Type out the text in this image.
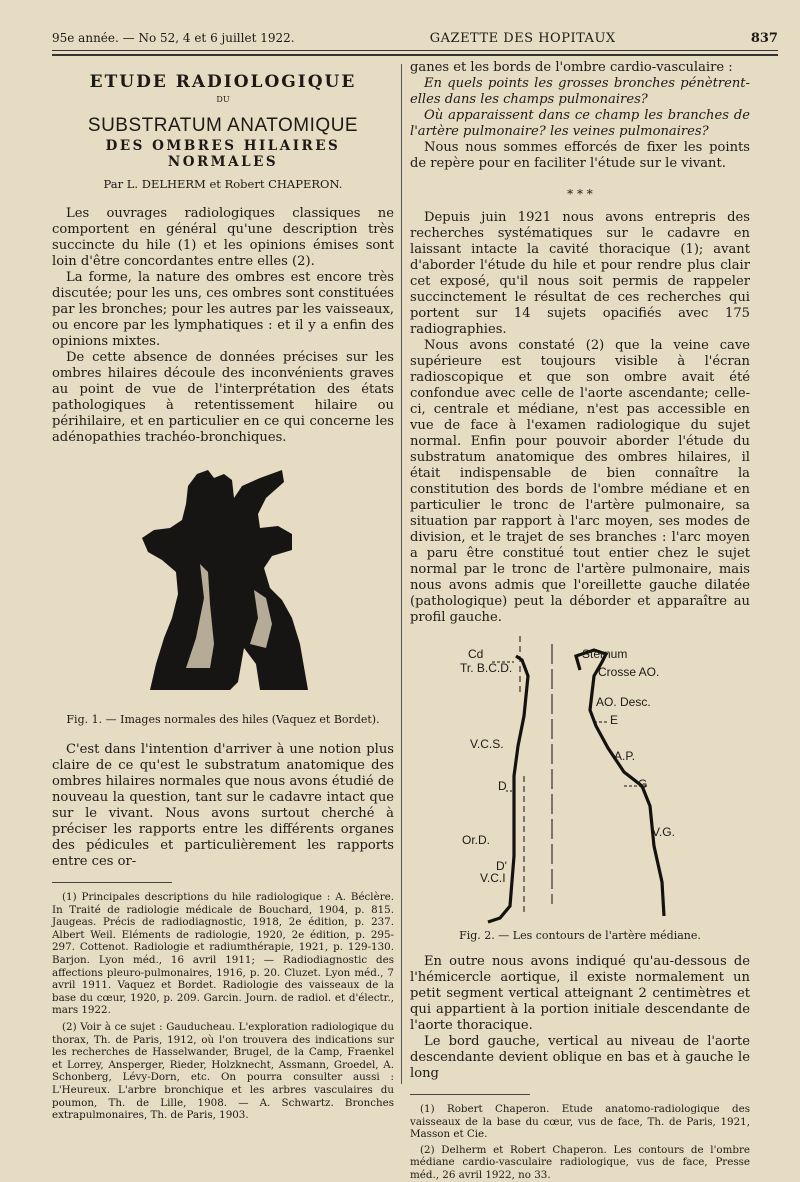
95e année. — No 52, 4 et 6 juillet 1922.	GAZETTE DES HOPITAUX	837
ETUDE RADIOLOGIQUE
DU
SUBSTRATUM ANATOMIQUE
DES OMBRES HILAIRES NORMALES
Par L. DELHERM et Robert CHAPERON.

Les ouvrages radiologiques classiques ne comportent en général qu'une description très succincte du hile (1) et les opinions émises sont loin d'être concordantes entre elles (2).

La forme, la nature des ombres est encore très discutée; pour les uns, ces ombres sont constituées par les bronches; pour les autres par les vaisseaux, ou encore par les lymphatiques : et il y a enfin des opinions mixtes.

De cette absence de données précises sur les ombres hilaires découle des inconvénients graves au point de vue de l'interprétation des états pathologiques à retentissement hilaire ou périhilaire, et en particulier en ce qui concerne les adénopathies trachéo-bronchiques.

Fig. 1. — Images normales des hiles (Vaquez et Bordet).

C'est dans l'intention d'arriver à une notion plus claire de ce qu'est le substratum anatomique des ombres hilaires normales que nous avons étudié de nouveau la question, tant sur le cadavre intact que sur le vivant. Nous avons surtout cherché à préciser les rapports entre les différents organes des pédicules et particulièrement les rapports entre ces or-

(1) Principales descriptions du hile radiologique : A. Béclère. In Traité de radiologie médicale de Bouchard, 1904, p. 815. Jaugeas. Précis de radiodiagnostic, 1918, 2e édition, p. 237. Albert Weil. Eléments de radiologie, 1920, 2e édition, p. 295-297. Cottenot. Radiologie et radiumthérapie, 1921, p. 129-130. Barjon. Lyon méd., 16 avril 1911; — Radiodiagnostic des affections pleuro-pulmonaires, 1916, p. 20. Cluzet. Lyon méd., 7 avril 1911. Vaquez et Bordet. Radiologie des vaisseaux de la base du cœur, 1920, p. 209. Garcin. Journ. de radiol. et d'électr., mars 1922.
(2) Voir à ce sujet : Gauducheau. L'exploration radiologique du thorax, Th. de Paris, 1912, où l'on trouvera des indications sur les recherches de Hasselwander, Brugel, de la Camp, Fraenkel et Lorrey, Ansperger, Rieder, Holzknecht, Assmann, Groedel, A. Schonberg, Lévy-Dorn, etc. On pourra consulter aussi : L'Heureux. L'arbre bronchique et les arbres vasculaires du poumon, Th. de Lille, 1908. — A. Schwartz. Bronches extrapulmonaires, Th. de Paris, 1903.

ganes et les bords de l'ombre cardio-vasculaire :

En quels points les grosses bronches pénètrent-elles dans les champs pulmonaires?

Où apparaissent dans ce champ les branches de l'artère pulmonaire? les veines pulmonaires?

Nous nous sommes efforcés de fixer les points de repère pour en faciliter l'étude sur le vivant.

* * *

Depuis juin 1921 nous avons entrepris des recherches systématiques sur le cadavre en laissant intacte la cavité thoracique (1); avant d'aborder l'étude du hile et pour rendre plus clair cet exposé, qu'il nous soit permis de rappeler succinctement le résultat de ces recherches qui portent sur 14 sujets opacifiés avec 175 radiographies.

Nous avons constaté (2) que la veine cave supérieure est toujours visible à l'écran radioscopique et que son ombre avait été confondue avec celle de l'aorte ascendante; celle-ci, centrale et médiane, n'est pas accessible en vue de face à l'examen radiologique du sujet normal. Enfin pour pouvoir aborder l'étude du substratum anatomique des ombres hilaires, il était indispensable de bien connaître la constitution des bords de l'ombre médiane et en particulier le tronc de l'artère pulmonaire, sa situation par rapport à l'arc moyen, ses modes de division, et le trajet de ses branches : l'arc moyen a paru être constitué tout entier chez le sujet normal par le tronc de l'artère pulmonaire, mais nous avons admis que l'oreillette gauche dilatée (pathologique) peut la déborder et apparaître au profil gauche.

Cd
Tr. B.C.D.
Sternum
Crosse AO.
AO. Desc.
E
V.C.S.
A.P.
D	G
Or.D.
V.G.
D'
V.C.I
Fig. 2. — Les contours de l'artère médiane.

En outre nous avons indiqué qu'au-dessous de l'hémicercle aortique, il existe normalement un petit segment vertical atteignant 2 centimètres et qui appartient à la portion initiale descendante de l'aorte thoracique.

Le bord gauche, vertical au niveau de l'aorte descendante devient oblique en bas et à gauche le long

(1) Robert Chaperon. Etude anatomo-radiologique des vaisseaux de la base du cœur, vus de face, Th. de Paris, 1921, Masson et Cie.
(2) Delherm et Robert Chaperon. Les contours de l'ombre médiane cardio-vasculaire radiologique, vus de face, Presse méd., 26 avril 1922, no 33.
